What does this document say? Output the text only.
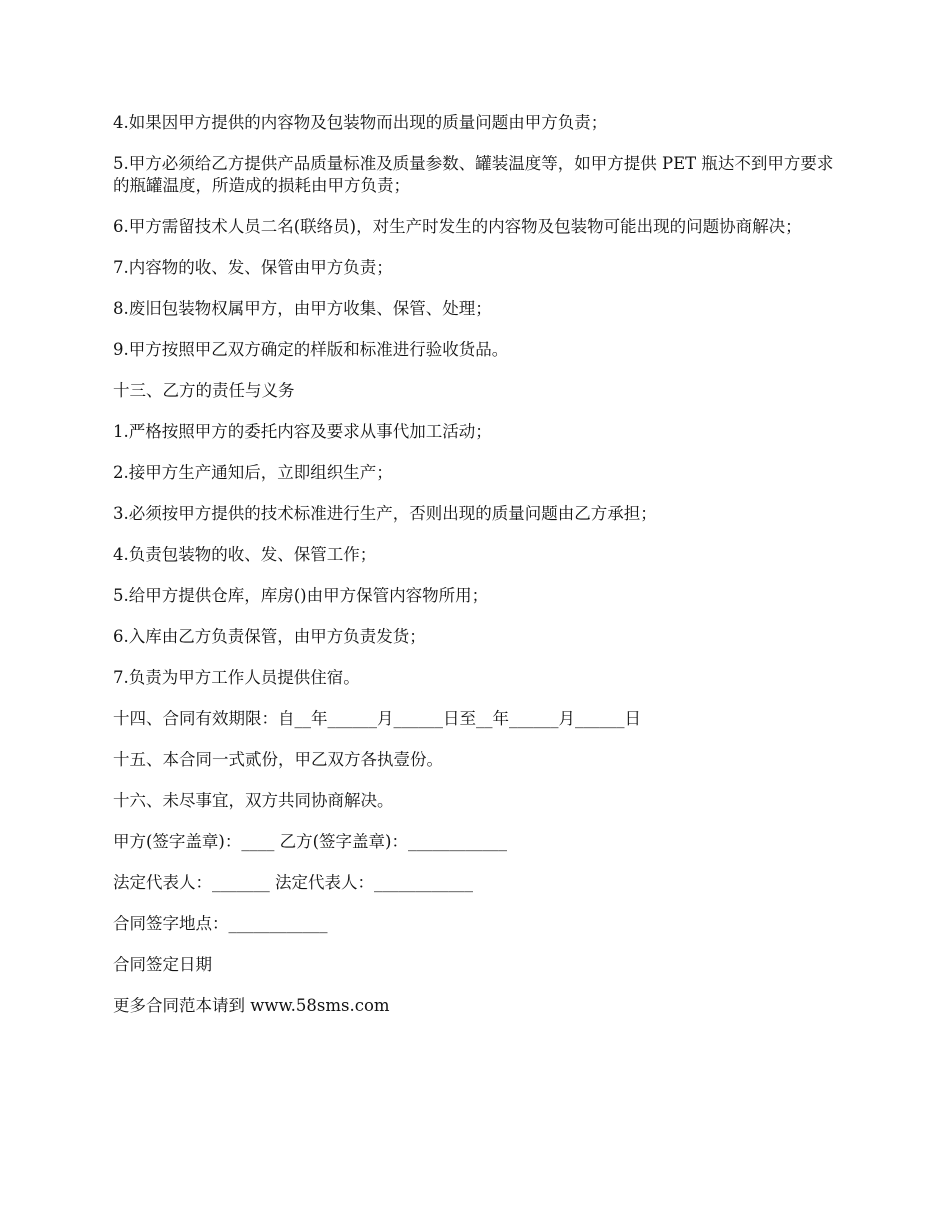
4.如果因甲方提供的内容物及包装物而出现的质量问题由甲方负责；

5.甲方必须给乙方提供产品质量标准及质量参数、罐装温度等，如甲方提供 PET 瓶达不到甲方要求的瓶罐温度，所造成的损耗由甲方负责；

6.甲方需留技术人员二名(联络员)，对生产时发生的内容物及包装物可能出现的问题协商解决；

7.内容物的收、发、保管由甲方负责；

8.废旧包装物权属甲方，由甲方收集、保管、处理；

9.甲方按照甲乙双方确定的样版和标准进行验收货品。

十三、乙方的责任与义务

1.严格按照甲方的委托内容及要求从事代加工活动；

2.接甲方生产通知后，立即组织生产；

3.必须按甲方提供的技术标准进行生产，否则出现的质量问题由乙方承担；

4.负责包装物的收、发、保管工作；

5.给甲方提供仓库，库房()由甲方保管内容物所用；

6.入库由乙方负责保管，由甲方负责发货；

7.负责为甲方工作人员提供住宿。

十四、合同有效期限：自__年______月______日至__年______月______日

十五、本合同一式贰份，甲乙双方各执壹份。

十六、未尽事宜，双方共同协商解决。

甲方(签字盖章)：____ 乙方(签字盖章)：____________

法定代表人：_______ 法定代表人：____________

合同签字地点：____________

合同签定日期

更多合同范本请到 www.58sms.com
